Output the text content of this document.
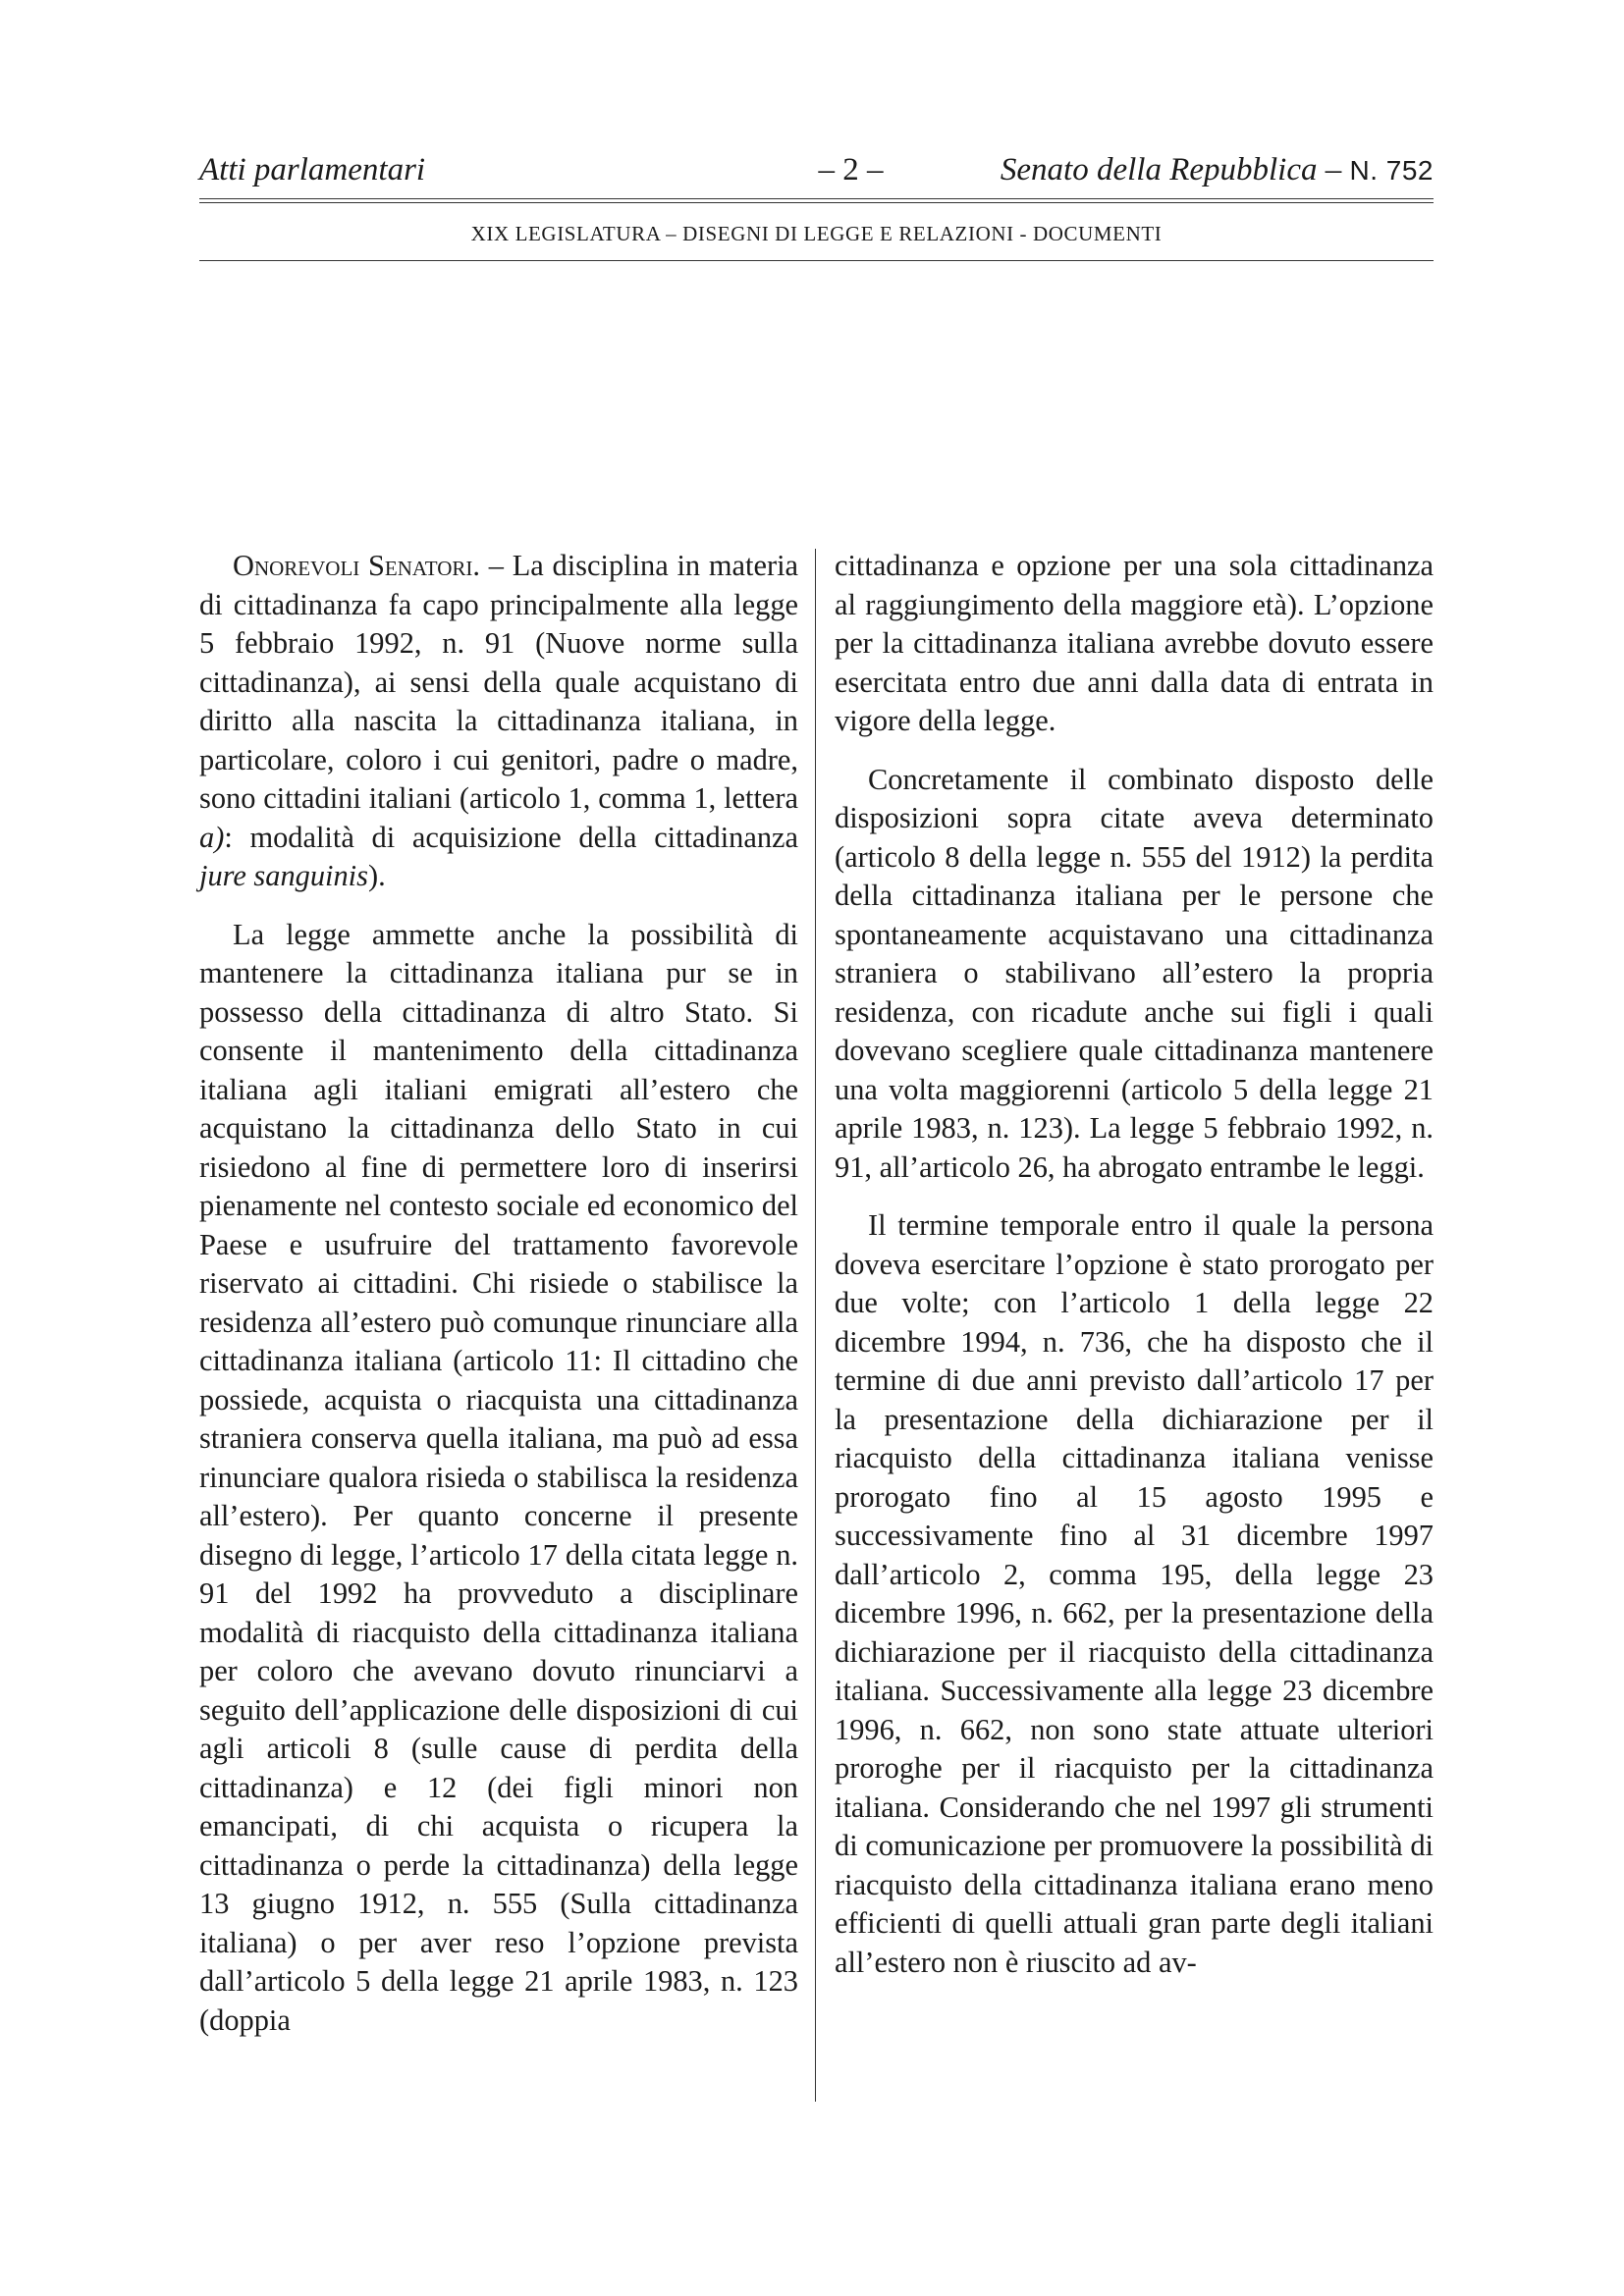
Atti parlamentari	– 2 –	Senato della Repubblica – N. 752
XIX LEGISLATURA – DISEGNI DI LEGGE E RELAZIONI - DOCUMENTI

Onorevoli Senatori. – La disciplina in materia di cittadinanza fa capo principalmente alla legge 5 febbraio 1992, n. 91 (Nuove norme sulla cittadinanza), ai sensi della quale acquistano di diritto alla nascita la cittadinanza italiana, in particolare, coloro i cui genitori, padre o madre, sono cittadini italiani (articolo 1, comma 1, lettera a): modalità di acquisizione della cittadinanza jure sanguinis).

La legge ammette anche la possibilità di mantenere la cittadinanza italiana pur se in possesso della cittadinanza di altro Stato. Si consente il mantenimento della cittadinanza italiana agli italiani emigrati all’estero che acquistano la cittadinanza dello Stato in cui risiedono al fine di permettere loro di inserirsi pienamente nel contesto sociale ed economico del Paese e usufruire del trattamento favorevole riservato ai cittadini. Chi risiede o stabilisce la residenza all’estero può comunque rinunciare alla cittadinanza italiana (articolo 11: Il cittadino che possiede, acquista o riacquista una cittadinanza straniera conserva quella italiana, ma può ad essa rinunciare qualora risieda o stabilisca la residenza all’estero). Per quanto concerne il presente disegno di legge, l’articolo 17 della citata legge n. 91 del 1992 ha provveduto a disciplinare modalità di riacquisto della cittadinanza italiana per coloro che avevano dovuto rinunciarvi a seguito dell’applicazione delle disposizioni di cui agli articoli 8 (sulle cause di perdita della cittadinanza) e 12 (dei figli minori non emancipati, di chi acquista o ricupera la cittadinanza o perde la cittadinanza) della legge 13 giugno 1912, n. 555 (Sulla cittadinanza italiana) o per aver reso l’opzione prevista dall’articolo 5 della legge 21 aprile 1983, n. 123 (doppia

cittadinanza e opzione per una sola cittadinanza al raggiungimento della maggiore età). L’opzione per la cittadinanza italiana avrebbe dovuto essere esercitata entro due anni dalla data di entrata in vigore della legge.

Concretamente il combinato disposto delle disposizioni sopra citate aveva determinato (articolo 8 della legge n. 555 del 1912) la perdita della cittadinanza italiana per le persone che spontaneamente acquistavano una cittadinanza straniera o stabilivano all’estero la propria residenza, con ricadute anche sui figli i quali dovevano scegliere quale cittadinanza mantenere una volta maggiorenni (articolo 5 della legge 21 aprile 1983, n. 123). La legge 5 febbraio 1992, n. 91, all’articolo 26, ha abrogato entrambe le leggi.

Il termine temporale entro il quale la persona doveva esercitare l’opzione è stato prorogato per due volte; con l’articolo 1 della legge 22 dicembre 1994, n. 736, che ha disposto che il termine di due anni previsto dall’articolo 17 per la presentazione della dichiarazione per il riacquisto della cittadinanza italiana venisse prorogato fino al 15 agosto 1995 e successivamente fino al 31 dicembre 1997 dall’articolo 2, comma 195, della legge 23 dicembre 1996, n. 662, per la presentazione della dichiarazione per il riacquisto della cittadinanza italiana. Successivamente alla legge 23 dicembre 1996, n. 662, non sono state attuate ulteriori proroghe per il riacquisto per la cittadinanza italiana. Considerando che nel 1997 gli strumenti di comunicazione per promuovere la possibilità di riacquisto della cittadinanza italiana erano meno efficienti di quelli attuali gran parte degli italiani all’estero non è riuscito ad av-
